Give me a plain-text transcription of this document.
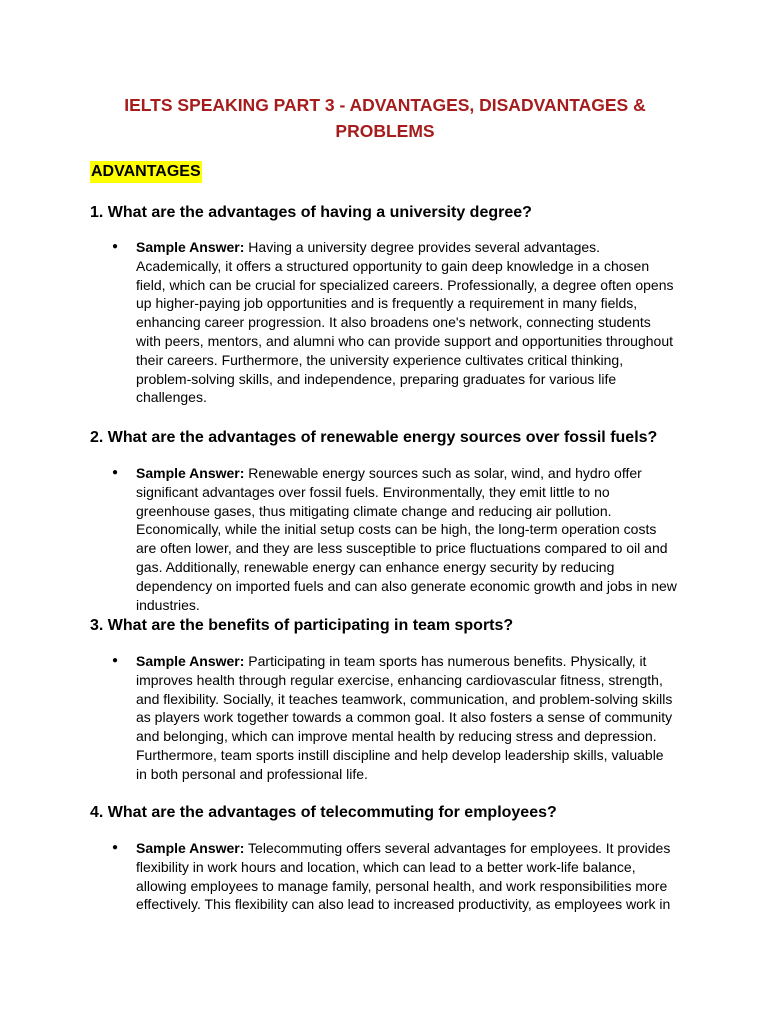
IELTS SPEAKING PART 3 - ADVANTAGES, DISADVANTAGES & PROBLEMS
ADVANTAGES
1. What are the advantages of having a university degree?

● Sample Answer: Having a university degree provides several advantages. Academically, it offers a structured opportunity to gain deep knowledge in a chosen field, which can be crucial for specialized careers. Professionally, a degree often opens up higher-paying job opportunities and is frequently a requirement in many fields, enhancing career progression. It also broadens one's network, connecting students with peers, mentors, and alumni who can provide support and opportunities throughout their careers. Furthermore, the university experience cultivates critical thinking, problem-solving skills, and independence, preparing graduates for various life challenges.

2. What are the advantages of renewable energy sources over fossil fuels?

● Sample Answer: Renewable energy sources such as solar, wind, and hydro offer significant advantages over fossil fuels. Environmentally, they emit little to no greenhouse gases, thus mitigating climate change and reducing air pollution. Economically, while the initial setup costs can be high, the long-term operation costs are often lower, and they are less susceptible to price fluctuations compared to oil and gas. Additionally, renewable energy can enhance energy security by reducing dependency on imported fuels and can also generate economic growth and jobs in new industries.

3. What are the benefits of participating in team sports?

● Sample Answer: Participating in team sports has numerous benefits. Physically, it improves health through regular exercise, enhancing cardiovascular fitness, strength, and flexibility. Socially, it teaches teamwork, communication, and problem-solving skills as players work together towards a common goal. It also fosters a sense of community and belonging, which can improve mental health by reducing stress and depression. Furthermore, team sports instill discipline and help develop leadership skills, valuable in both personal and professional life.

4. What are the advantages of telecommuting for employees?

● Sample Answer: Telecommuting offers several advantages for employees. It provides flexibility in work hours and location, which can lead to a better work-life balance, allowing employees to manage family, personal health, and work responsibilities more effectively. This flexibility can also lead to increased productivity, as employees work in
